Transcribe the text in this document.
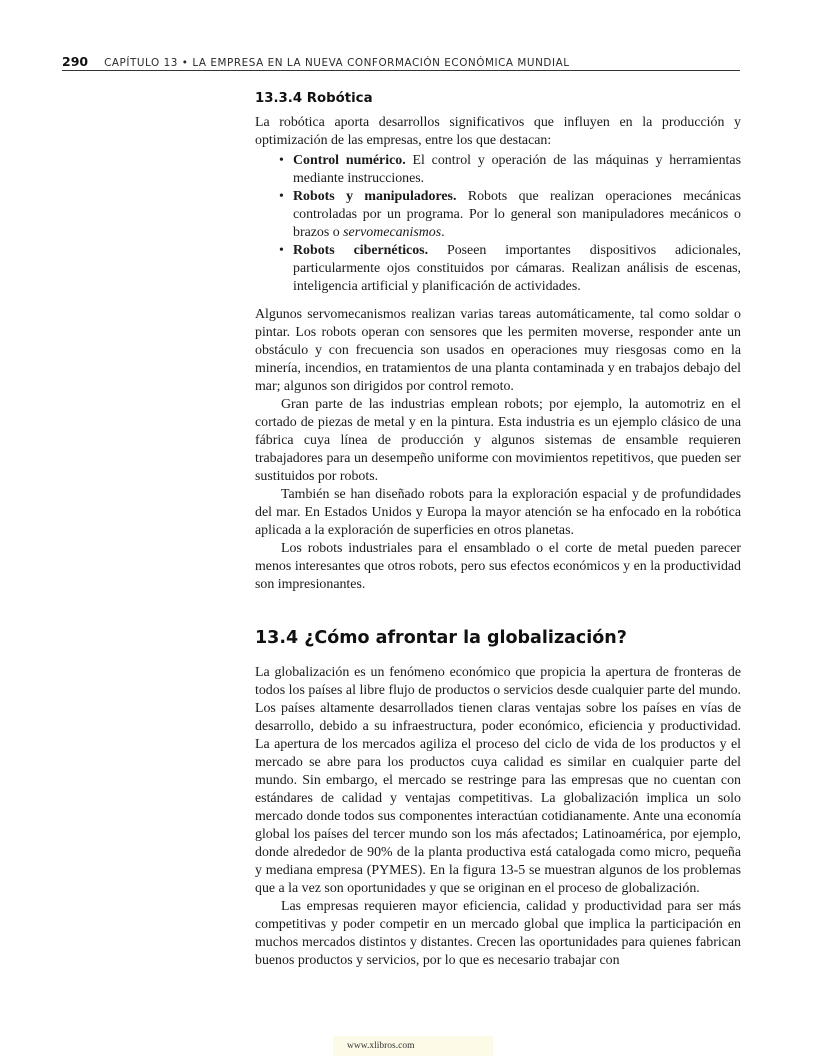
290 CAPÍTULO 13 • LA EMPRESA EN LA NUEVA CONFORMACIÓN ECONÓMICA MUNDIAL
13.3.4 Robótica

La robótica aporta desarrollos significativos que influyen en la producción y optimización de las empresas, entre los que destacan:

• Control numérico. El control y operación de las máquinas y herramientas mediante instrucciones.
• Robots y manipuladores. Robots que realizan operaciones mecánicas controladas por un programa. Por lo general son manipuladores mecánicos o brazos o servomecanismos.
• Robots cibernéticos. Poseen importantes dispositivos adicionales, particularmente ojos constituidos por cámaras. Realizan análisis de escenas, inteligencia artificial y planificación de actividades.

Algunos servomecanismos realizan varias tareas automáticamente, tal como soldar o pintar. Los robots operan con sensores que les permiten moverse, responder ante un obstáculo y con frecuencia son usados en operaciones muy riesgosas como en la minería, incendios, en tratamientos de una planta contaminada y en trabajos debajo del mar; algunos son dirigidos por control remoto.

Gran parte de las industrias emplean robots; por ejemplo, la automotriz en el cortado de piezas de metal y en la pintura. Esta industria es un ejemplo clásico de una fábrica cuya línea de producción y algunos sistemas de ensamble requieren trabajadores para un desempeño uniforme con movimientos repetitivos, que pueden ser sustituidos por robots.

También se han diseñado robots para la exploración espacial y de profundidades del mar. En Estados Unidos y Europa la mayor atención se ha enfocado en la robótica aplicada a la exploración de superficies en otros planetas.

Los robots industriales para el ensamblado o el corte de metal pueden parecer menos interesantes que otros robots, pero sus efectos económicos y en la productividad son impresionantes.

13.4 ¿Cómo afrontar la globalización?

La globalización es un fenómeno económico que propicia la apertura de fronteras de todos los países al libre flujo de productos o servicios desde cualquier parte del mundo. Los países altamente desarrollados tienen claras ventajas sobre los países en vías de desarrollo, debido a su infraestructura, poder económico, eficiencia y productividad. La apertura de los mercados agiliza el proceso del ciclo de vida de los productos y el mercado se abre para los productos cuya calidad es similar en cualquier parte del mundo. Sin embargo, el mercado se restringe para las empresas que no cuentan con estándares de calidad y ventajas competitivas. La globalización implica un solo mercado donde todos sus componentes interactúan cotidianamente. Ante una economía global los países del tercer mundo son los más afectados; Latinoamérica, por ejemplo, donde alrededor de 90% de la planta productiva está catalogada como micro, pequeña y mediana empresa (PYMES). En la figura 13-5 se muestran algunos de los problemas que a la vez son oportunidades y que se originan en el proceso de globalización.

Las empresas requieren mayor eficiencia, calidad y productividad para ser más competitivas y poder competir en un mercado global que implica la participación en muchos mercados distintos y distantes. Crecen las oportunidades para quienes fabrican buenos productos y servicios, por lo que es necesario trabajar con

www.xlibros.com
